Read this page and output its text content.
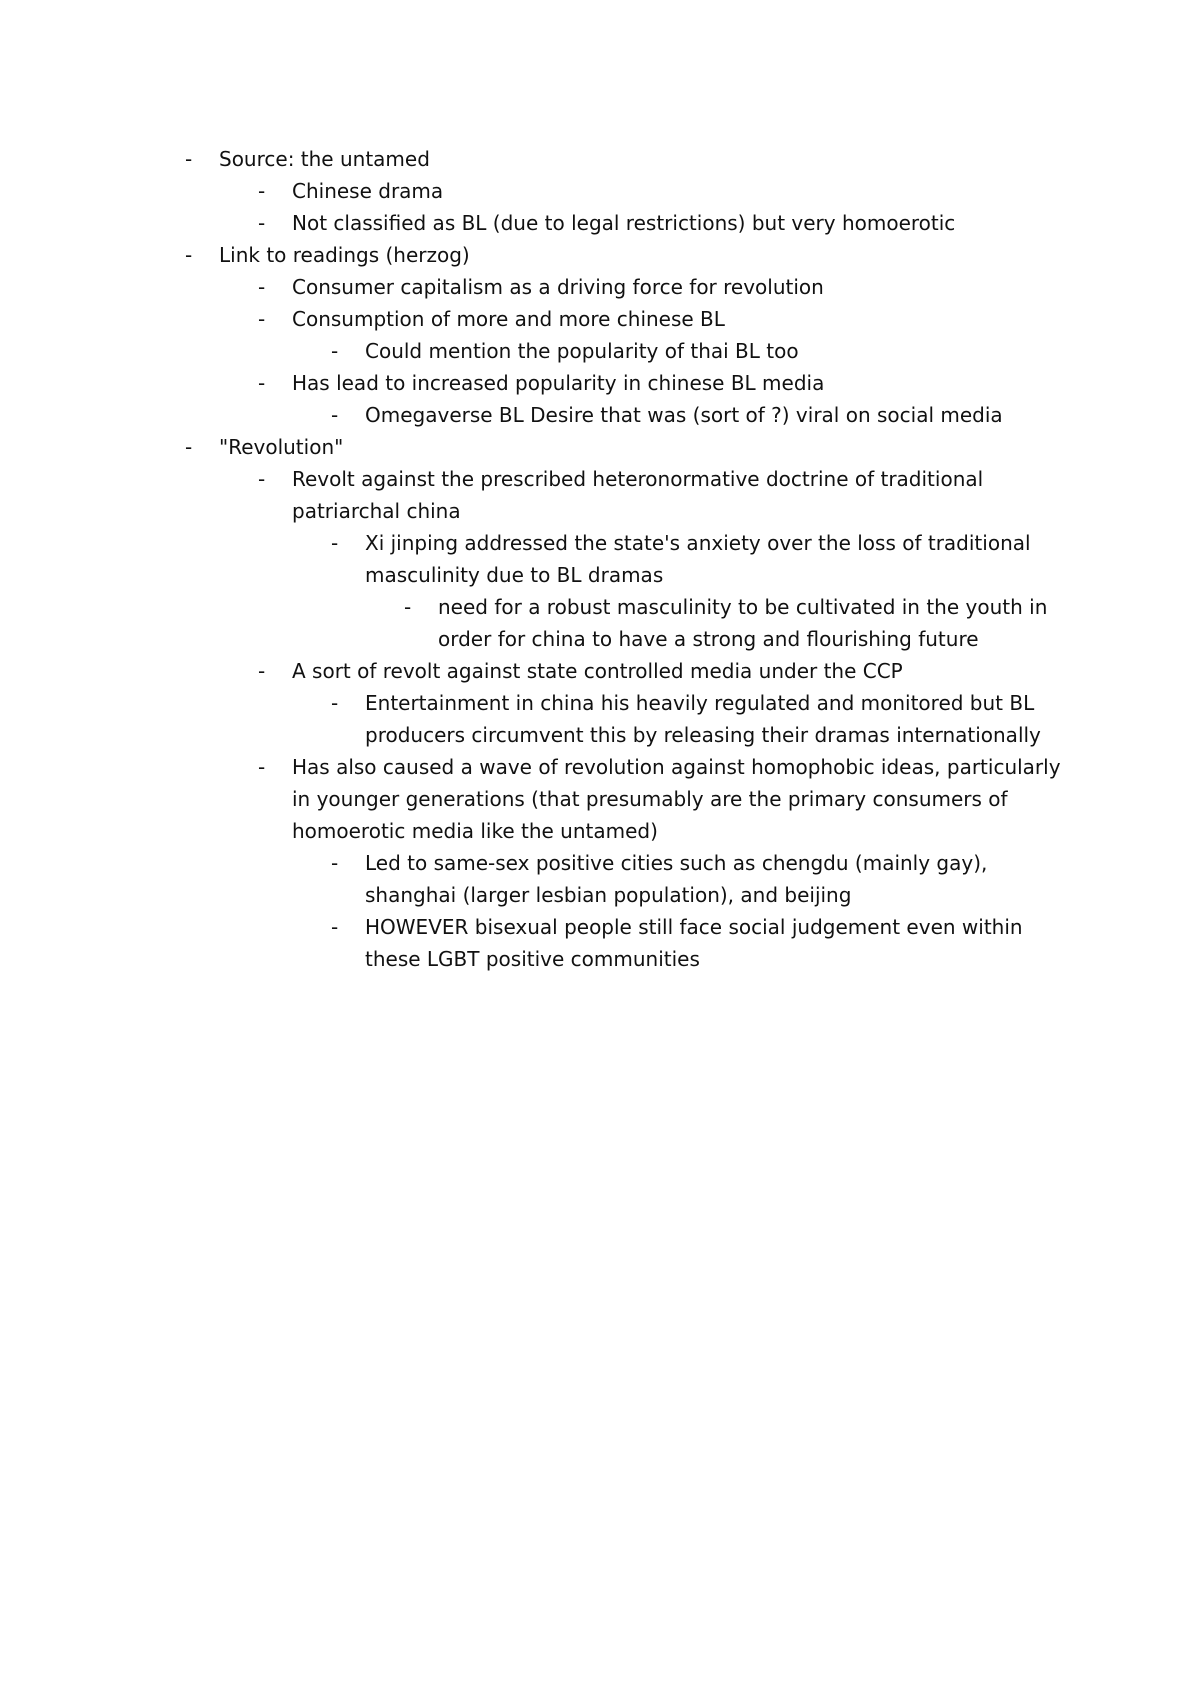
-	Source: the untamed
-	Chinese drama
-	Not classified as BL (due to legal restrictions) but very homoerotic
-	Link to readings (herzog)
-	Consumer capitalism as a driving force for revolution
-	Consumption of more and more chinese BL
-	Could mention the popularity of thai BL too
-	Has lead to increased popularity in chinese BL media
-	Omegaverse BL Desire that was (sort of ?) viral on social media
-	"Revolution"
-	Revolt against the prescribed heteronormative doctrine of traditional patriarchal china
-	Xi jinping addressed the state's anxiety over the loss of traditional masculinity due to BL dramas
-	need for a robust masculinity to be cultivated in the youth in order for china to have a strong and flourishing future
-	A sort of revolt against state controlled media under the CCP
-	Entertainment in china his heavily regulated and monitored but BL producers circumvent this by releasing their dramas internationally
-	Has also caused a wave of revolution against homophobic ideas, particularly in younger generations (that presumably are the primary consumers of homoerotic media like the untamed)
-	Led to same-sex positive cities such as chengdu (mainly gay), shanghai (larger lesbian population), and beijing
-	HOWEVER bisexual people still face social judgement even within these LGBT positive communities
